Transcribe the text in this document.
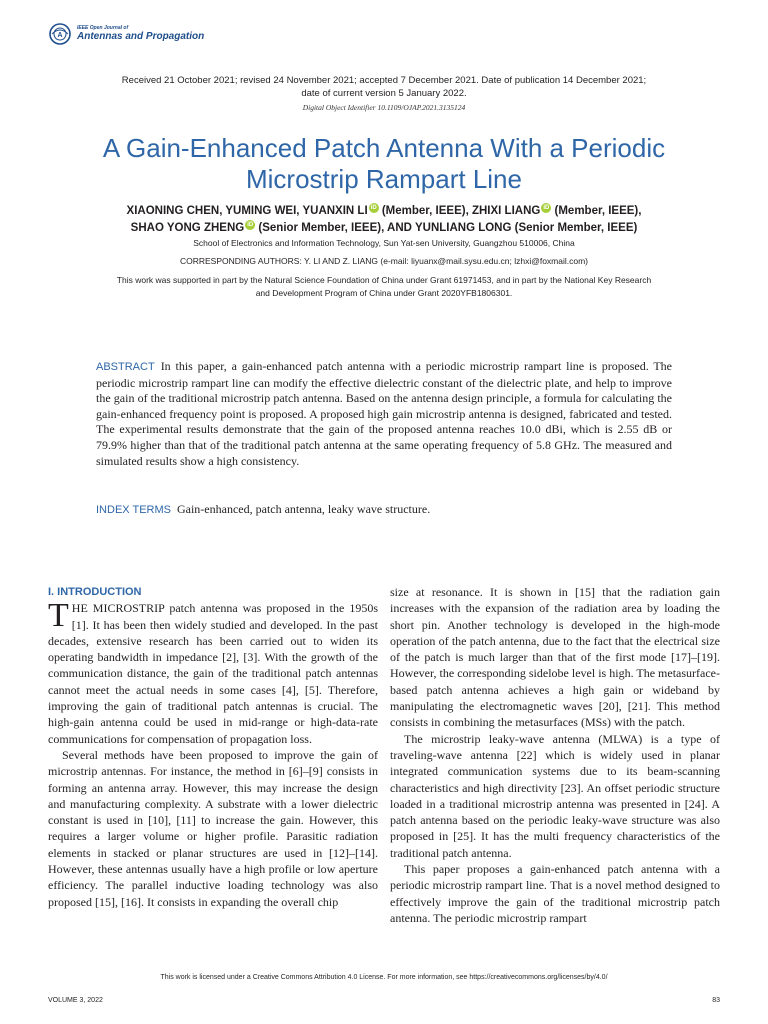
A
IEEE Open Journal of
Antennas and Propagation
Received 21 October 2021; revised 24 November 2021; accepted 7 December 2021. Date of publication 14 December 2021;
date of current version 5 January 2022.
Digital Object Identifier 10.1109/OJAP.2021.3135124
A Gain-Enhanced Patch Antenna With a Periodic
Microstrip Rampart Line
XIAONING CHEN, YUMING WEI, YUANXIN LI iD (Member, IEEE), ZHIXI LIANG iD (Member, IEEE),
SHAO YONG ZHENG iD (Senior Member, IEEE), AND YUNLIANG LONG (Senior Member, IEEE)
School of Electronics and Information Technology, Sun Yat-sen University, Guangzhou 510006, China
CORRESPONDING AUTHORS: Y. LI AND Z. LIANG (e-mail: liyuanx@mail.sysu.edu.cn; lzhxi@foxmail.com)
This work was supported in part by the Natural Science Foundation of China under Grant 61971453, and in part by the National Key Research
and Development Program of China under Grant 2020YFB1806301.
ABSTRACT In this paper, a gain-enhanced patch antenna with a periodic microstrip rampart line is proposed. The periodic microstrip rampart line can modify the effective dielectric constant of the dielectric plate, and help to improve the gain of the traditional microstrip patch antenna. Based on the antenna design principle, a formula for calculating the gain-enhanced frequency point is proposed. A proposed high gain microstrip antenna is designed, fabricated and tested. The experimental results demonstrate that the gain of the proposed antenna reaches 10.0 dBi, which is 2.55 dB or 79.9% higher than that of the traditional patch antenna at the same operating frequency of 5.8 GHz. The measured and simulated results show a high consistency.
INDEX TERMS Gain-enhanced, patch antenna, leaky wave structure.
I. INTRODUCTION

THE MICROSTRIP patch antenna was proposed in the 1950s [1]. It has been then widely studied and developed. In the past decades, extensive research has been carried out to widen its operating bandwidth in impedance [2], [3]. With the growth of the communication distance, the gain of the traditional patch antennas cannot meet the actual needs in some cases [4], [5]. Therefore, improving the gain of traditional patch antennas is crucial. The high-gain antenna could be used in mid-range or high-data-rate communications for compensation of propagation loss.

Several methods have been proposed to improve the gain of microstrip antennas. For instance, the method in [6]–[9] consists in forming an antenna array. However, this may increase the design and manufacturing complexity. A substrate with a lower dielectric constant is used in [10], [11] to increase the gain. However, this requires a larger volume or higher profile. Parasitic radiation elements in stacked or planar structures are used in [12]–[14]. However, these antennas usually have a high profile or low aperture efficiency. The parallel inductive loading technology was also proposed [15], [16]. It consists in expanding the overall chip

size at resonance. It is shown in [15] that the radiation gain increases with the expansion of the radiation area by loading the short pin. Another technology is developed in the high-mode operation of the patch antenna, due to the fact that the electrical size of the patch is much larger than that of the first mode [17]–[19]. However, the corresponding sidelobe level is high. The metasurface-based patch antenna achieves a high gain or wideband by manipulating the electromagnetic waves [20], [21]. This method consists in combining the metasurfaces (MSs) with the patch.

The microstrip leaky-wave antenna (MLWA) is a type of traveling-wave antenna [22] which is widely used in planar integrated communication systems due to its beam-scanning characteristics and high directivity [23]. An offset periodic structure loaded in a traditional microstrip antenna was presented in [24]. A patch antenna based on the periodic leaky-wave structure was also proposed in [25]. It has the multi frequency characteristics of the traditional patch antenna.

This paper proposes a gain-enhanced patch antenna with a periodic microstrip rampart line. That is a novel method designed to effectively improve the gain of the traditional microstrip patch antenna. The periodic microstrip rampart

This work is licensed under a Creative Commons Attribution 4.0 License. For more information, see https://creativecommons.org/licenses/by/4.0/
VOLUME 3, 2022	83
